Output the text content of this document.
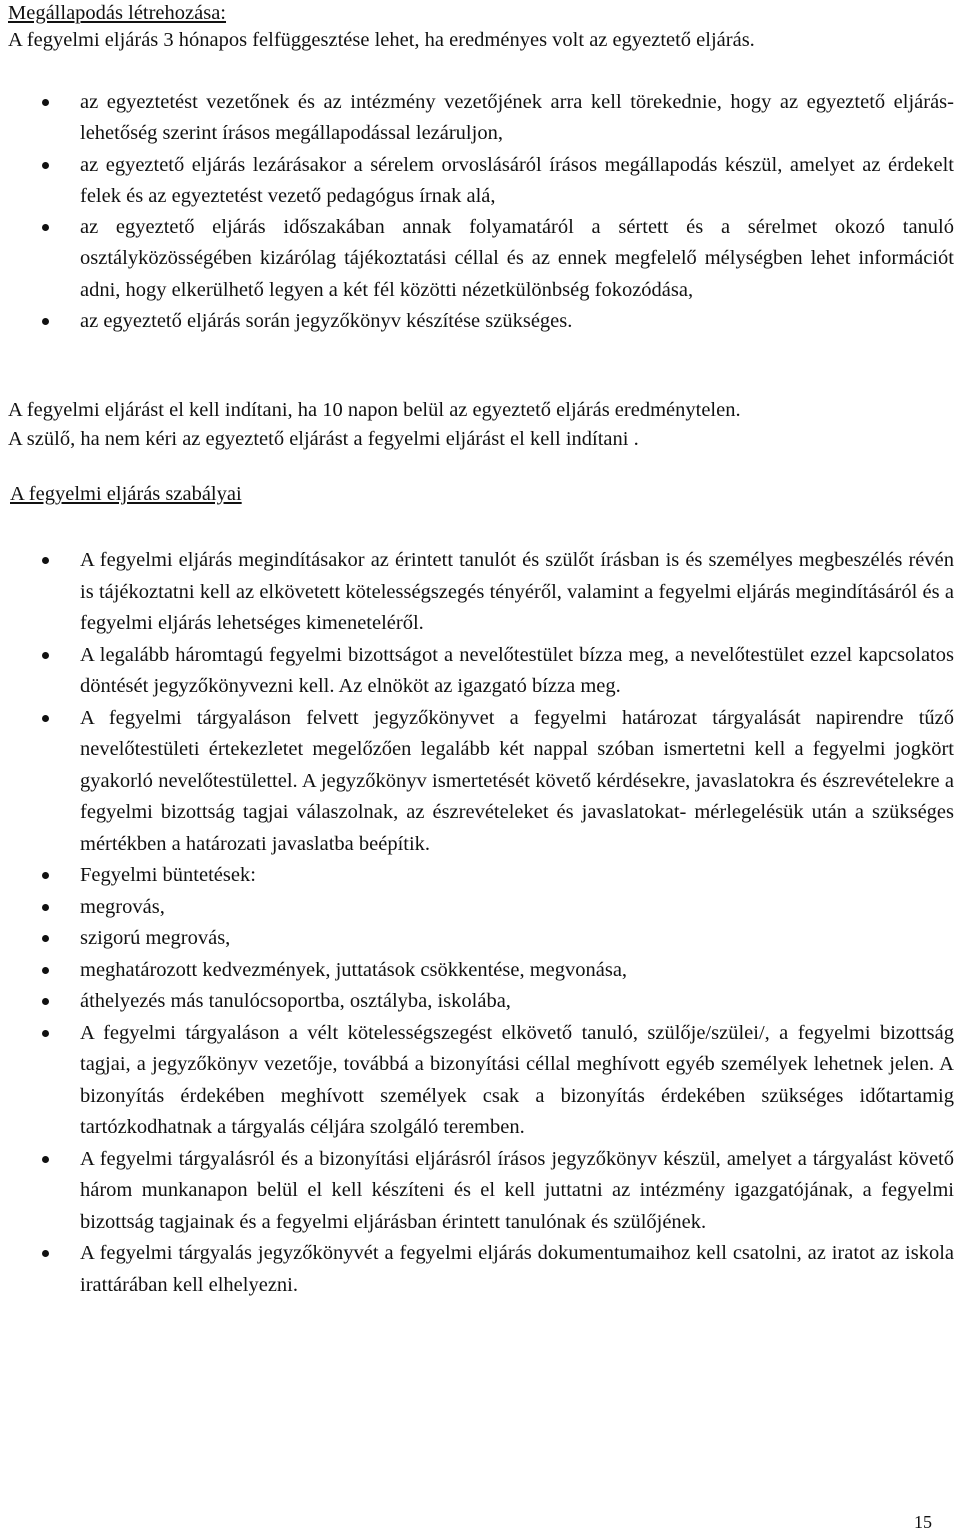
Megállapodás létrehozása:

A fegyelmi eljárás 3 hónapos felfüggesztése lehet, ha eredményes volt az egyeztető eljárás.

az egyeztetést vezetőnek és az intézmény vezetőjének arra kell törekednie, hogy az egyeztető eljárás-lehetőség szerint írásos megállapodással lezáruljon,
az egyeztető eljárás lezárásakor a sérelem orvoslásáról írásos megállapodás készül, amelyet az érdekelt felek és az egyeztetést vezető pedagógus írnak alá,
az egyeztető eljárás időszakában annak folyamatáról a sértett és a sérelmet okozó tanuló osztályközösségében kizárólag tájékoztatási céllal és az ennek megfelelő mélységben lehet információt adni, hogy elkerülhető legyen a két fél közötti nézetkülönbség fokozódása,
az egyeztető eljárás során jegyzőkönyv készítése szükséges.

A fegyelmi eljárást el kell indítani, ha 10 napon belül az egyeztető eljárás eredménytelen.

A szülő, ha nem kéri az egyeztető eljárást a fegyelmi eljárást el kell indítani .

A fegyelmi eljárás szabályai

A fegyelmi eljárás megindításakor az érintett tanulót és szülőt írásban is és személyes megbeszélés révén is tájékoztatni kell az elkövetett kötelességszegés tényéről, valamint a fegyelmi eljárás megindításáról és a fegyelmi eljárás lehetséges kimeneteléről.
A legalább háromtagú fegyelmi bizottságot a nevelőtestület bízza meg, a nevelőtestület ezzel kapcsolatos döntését jegyzőkönyvezni kell. Az elnököt az igazgató bízza meg.
A fegyelmi tárgyaláson felvett jegyzőkönyvet a fegyelmi határozat tárgyalását napirendre tűző nevelőtestületi értekezletet megelőzően legalább két nappal szóban ismertetni kell a fegyelmi jogkört gyakorló nevelőtestülettel. A jegyzőkönyv ismertetését követő kérdésekre, javaslatokra és észrevételekre a fegyelmi bizottság tagjai válaszolnak, az észrevételeket és javaslatokat- mérlegelésük után a szükséges mértékben a határozati javaslatba beépítik.
Fegyelmi büntetések:
megrovás,
szigorú megrovás,
meghatározott kedvezmények, juttatások csökkentése, megvonása,
áthelyezés más tanulócsoportba, osztályba, iskolába,
A fegyelmi tárgyaláson a vélt kötelességszegést elkövető tanuló, szülője/szülei/, a fegyelmi bizottság tagjai, a jegyzőkönyv vezetője, továbbá a bizonyítási céllal meghívott egyéb személyek lehetnek jelen. A bizonyítás érdekében meghívott személyek csak a bizonyítás érdekében szükséges időtartamig tartózkodhatnak a tárgyalás céljára szolgáló teremben.
A fegyelmi tárgyalásról és a bizonyítási eljárásról írásos jegyzőkönyv készül, amelyet a tárgyalást követő három munkanapon belül el kell készíteni és el kell juttatni az intézmény igazgatójának, a fegyelmi bizottság tagjainak és a fegyelmi eljárásban érintett tanulónak és szülőjének.
A fegyelmi tárgyalás jegyzőkönyvét a fegyelmi eljárás dokumentumaihoz kell csatolni, az iratot az iskola irattárában kell elhelyezni.
15
